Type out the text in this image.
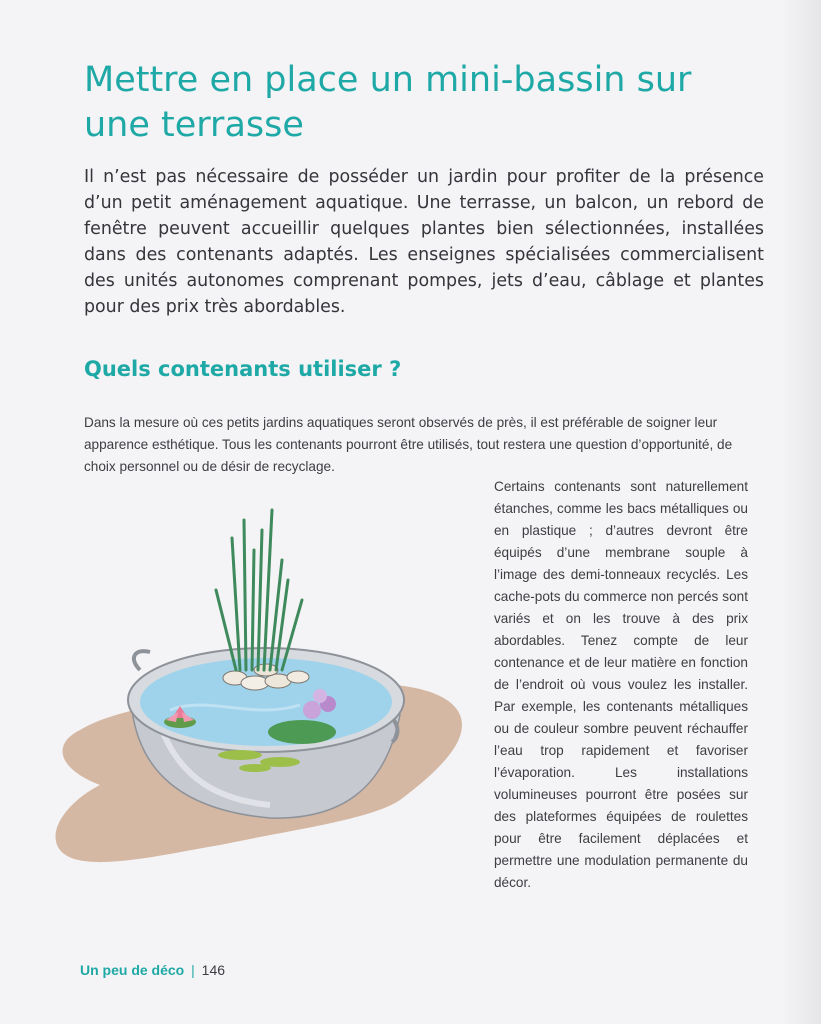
Mettre en place un mini-bassin sur une terrasse

Il n’est pas nécessaire de posséder un jardin pour profiter de la présence d’un petit aménagement aquatique. Une terrasse, un balcon, un rebord de fenêtre peuvent accueillir quelques plantes bien sélectionnées, installées dans des contenants adaptés. Les enseignes spécialisées commercialisent des unités autonomes comprenant pompes, jets d’eau, câblage et plantes pour des prix très abordables.

Quels contenants utiliser ?

Dans la mesure où ces petits jardins aquatiques seront observés de près, il est préférable de soigner leur apparence esthétique. Tous les contenants pourront être utilisés, tout restera une question d’opportunité, de choix personnel ou de désir de recyclage.

Certains contenants sont naturellement étanches, comme les bacs métalliques ou en plastique ; d’autres devront être équipés d’une membrane souple à l’image des demi-tonneaux recyclés. Les cache-pots du commerce non percés sont variés et on les trouve à des prix abordables. Tenez compte de leur contenance et de leur matière en fonction de l’endroit où vous voulez les installer. Par exemple, les contenants métalliques ou de couleur sombre peuvent réchauffer l’eau trop rapidement et favoriser l’évaporation. Les installations volumineuses pourront être posées sur des plateformes équipées de roulettes pour être facilement déplacées et permettre une modulation permanente du décor.

Un peu de déco | 146
